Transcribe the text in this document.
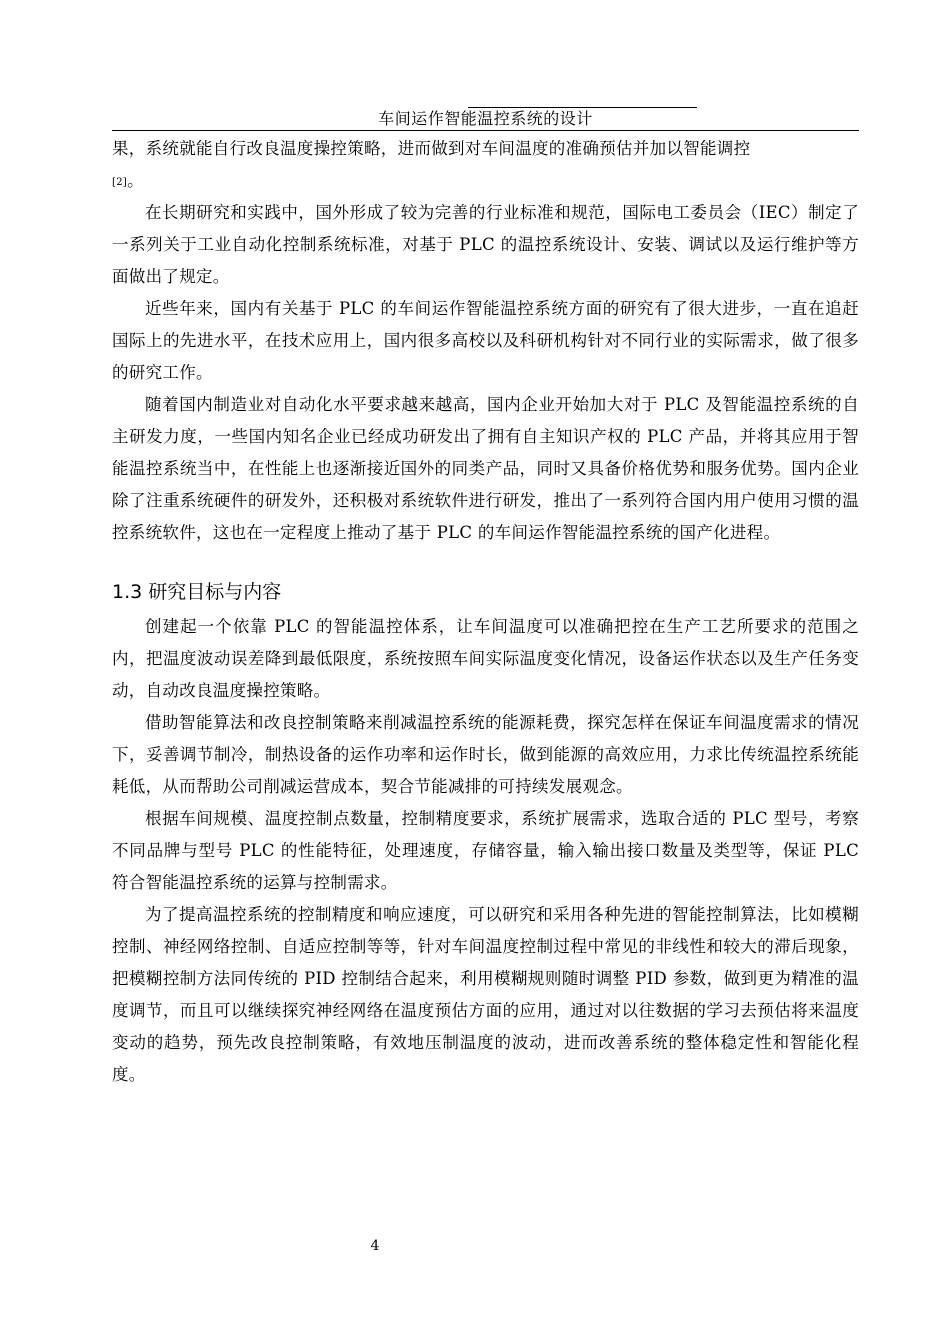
车间运作智能温控系统的设计

果，系统就能自行改良温度操控策略，进而做到对车间温度的准确预估并加以智能调控
[2]。

在长期研究和实践中，国外形成了较为完善的行业标准和规范，国际电工委员会（IEC）制定了一系列关于工业自动化控制系统标准，对基于 PLC 的温控系统设计、安装、调试以及运行维护等方面做出了规定。

近些年来，国内有关基于 PLC 的车间运作智能温控系统方面的研究有了很大进步，一直在追赶国际上的先进水平，在技术应用上，国内很多高校以及科研机构针对不同行业的实际需求，做了很多的研究工作。

随着国内制造业对自动化水平要求越来越高，国内企业开始加大对于 PLC 及智能温控系统的自主研发力度，一些国内知名企业已经成功研发出了拥有自主知识产权的 PLC 产品，并将其应用于智能温控系统当中，在性能上也逐渐接近国外的同类产品，同时又具备价格优势和服务优势。国内企业除了注重系统硬件的研发外，还积极对系统软件进行研发，推出了一系列符合国内用户使用习惯的温控系统软件，这也在一定程度上推动了基于 PLC 的车间运作智能温控系统的国产化进程。

1.3 研究目标与内容

创建起一个依靠 PLC 的智能温控体系，让车间温度可以准确把控在生产工艺所要求的范围之内，把温度波动误差降到最低限度，系统按照车间实际温度变化情况，设备运作状态以及生产任务变动，自动改良温度操控策略。

借助智能算法和改良控制策略来削减温控系统的能源耗费，探究怎样在保证车间温度需求的情况下，妥善调节制冷，制热设备的运作功率和运作时长，做到能源的高效应用，力求比传统温控系统能耗低，从而帮助公司削减运营成本，契合节能减排的可持续发展观念。

根据车间规模、温度控制点数量，控制精度要求，系统扩展需求，选取合适的 PLC 型号，考察不同品牌与型号 PLC 的性能特征，处理速度，存储容量，输入输出接口数量及类型等，保证 PLC 符合智能温控系统的运算与控制需求。

为了提高温控系统的控制精度和响应速度，可以研究和采用各种先进的智能控制算法，比如模糊控制、神经网络控制、自适应控制等等，针对车间温度控制过程中常见的非线性和较大的滞后现象，把模糊控制方法同传统的 PID 控制结合起来，利用模糊规则随时调整 PID 参数，做到更为精准的温度调节，而且可以继续探究神经网络在温度预估方面的应用，通过对以往数据的学习去预估将来温度变动的趋势，预先改良控制策略，有效地压制温度的波动，进而改善系统的整体稳定性和智能化程度。

4
